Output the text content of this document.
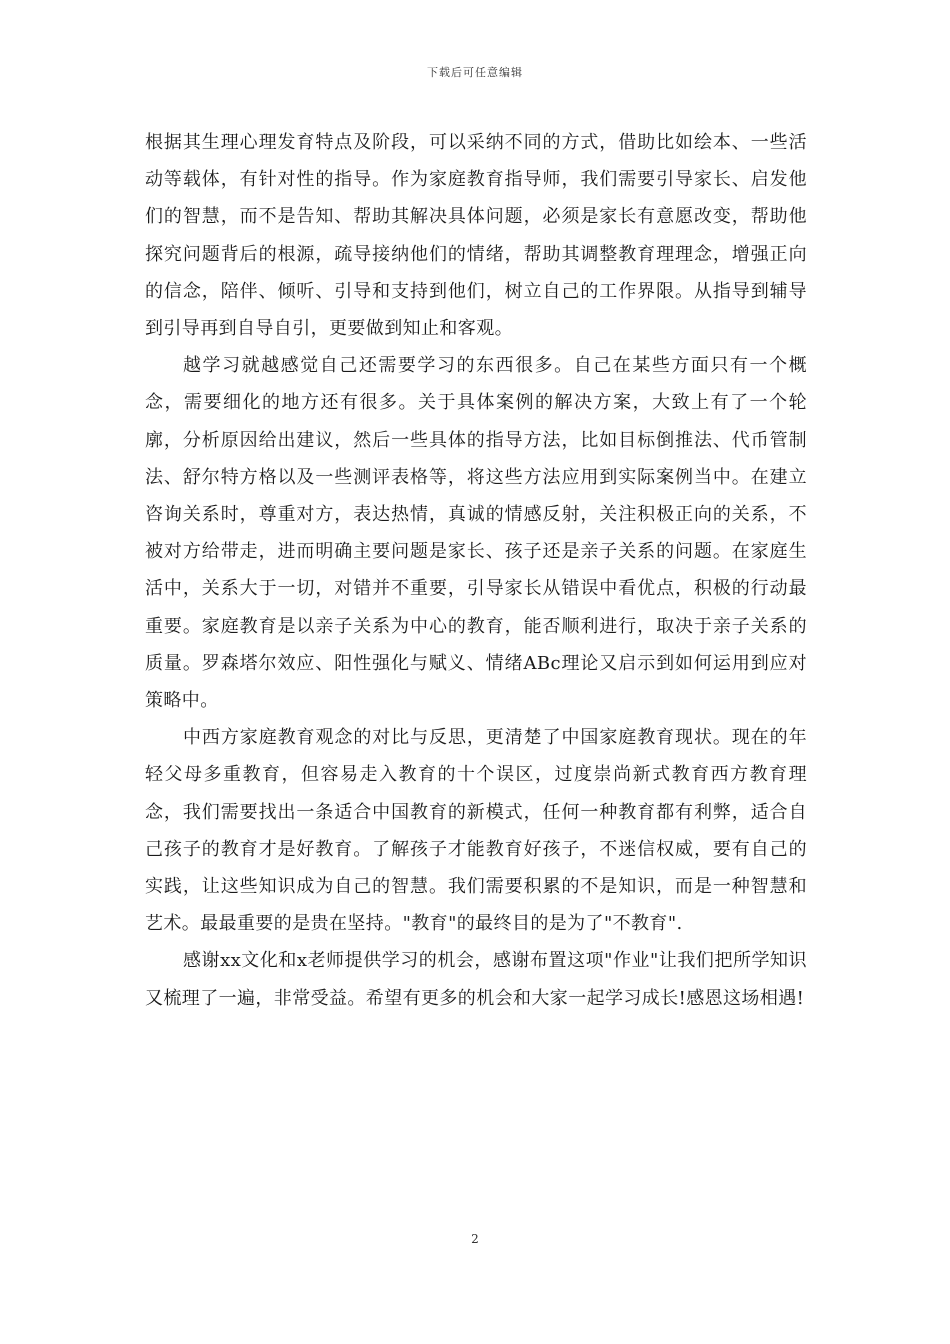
下载后可任意编辑

根据其生理心理发育特点及阶段，可以采纳不同的方式，借助比如绘本、一些活动等载体，有针对性的指导。作为家庭教育指导师，我们需要引导家长、启发他们的智慧，而不是告知、帮助其解决具体问题，必须是家长有意愿改变，帮助他探究问题背后的根源，疏导接纳他们的情绪，帮助其调整教育理理念，增强正向的信念，陪伴、倾听、引导和支持到他们，树立自己的工作界限。从指导到辅导到引导再到自导自引，更要做到知止和客观。

越学习就越感觉自己还需要学习的东西很多。自己在某些方面只有一个概念，需要细化的地方还有很多。关于具体案例的解决方案，大致上有了一个轮廓，分析原因给出建议，然后一些具体的指导方法，比如目标倒推法、代币管制法、舒尔特方格以及一些测评表格等，将这些方法应用到实际案例当中。在建立咨询关系时，尊重对方，表达热情，真诚的情感反射，关注积极正向的关系，不被对方给带走，进而明确主要问题是家长、孩子还是亲子关系的问题。在家庭生活中，关系大于一切，对错并不重要，引导家长从错误中看优点，积极的行动最重要。家庭教育是以亲子关系为中心的教育，能否顺利进行，取决于亲子关系的质量。罗森塔尔效应、阳性强化与赋义、情绪ABc理论又启示到如何运用到应对策略中。

中西方家庭教育观念的对比与反思，更清楚了中国家庭教育现状。现在的年轻父母多重教育，但容易走入教育的十个误区，过度崇尚新式教育西方教育理念，我们需要找出一条适合中国教育的新模式，任何一种教育都有利弊，适合自己孩子的教育才是好教育。了解孩子才能教育好孩子，不迷信权威，要有自己的实践，让这些知识成为自己的智慧。我们需要积累的不是知识，而是一种智慧和艺术。最最重要的是贵在坚持。"教育"的最终目的是为了"不教育".

感谢xx文化和x老师提供学习的机会，感谢布置这项"作业"让我们把所学知识又梳理了一遍，非常受益。希望有更多的机会和大家一起学习成长!感恩这场相遇!

2
